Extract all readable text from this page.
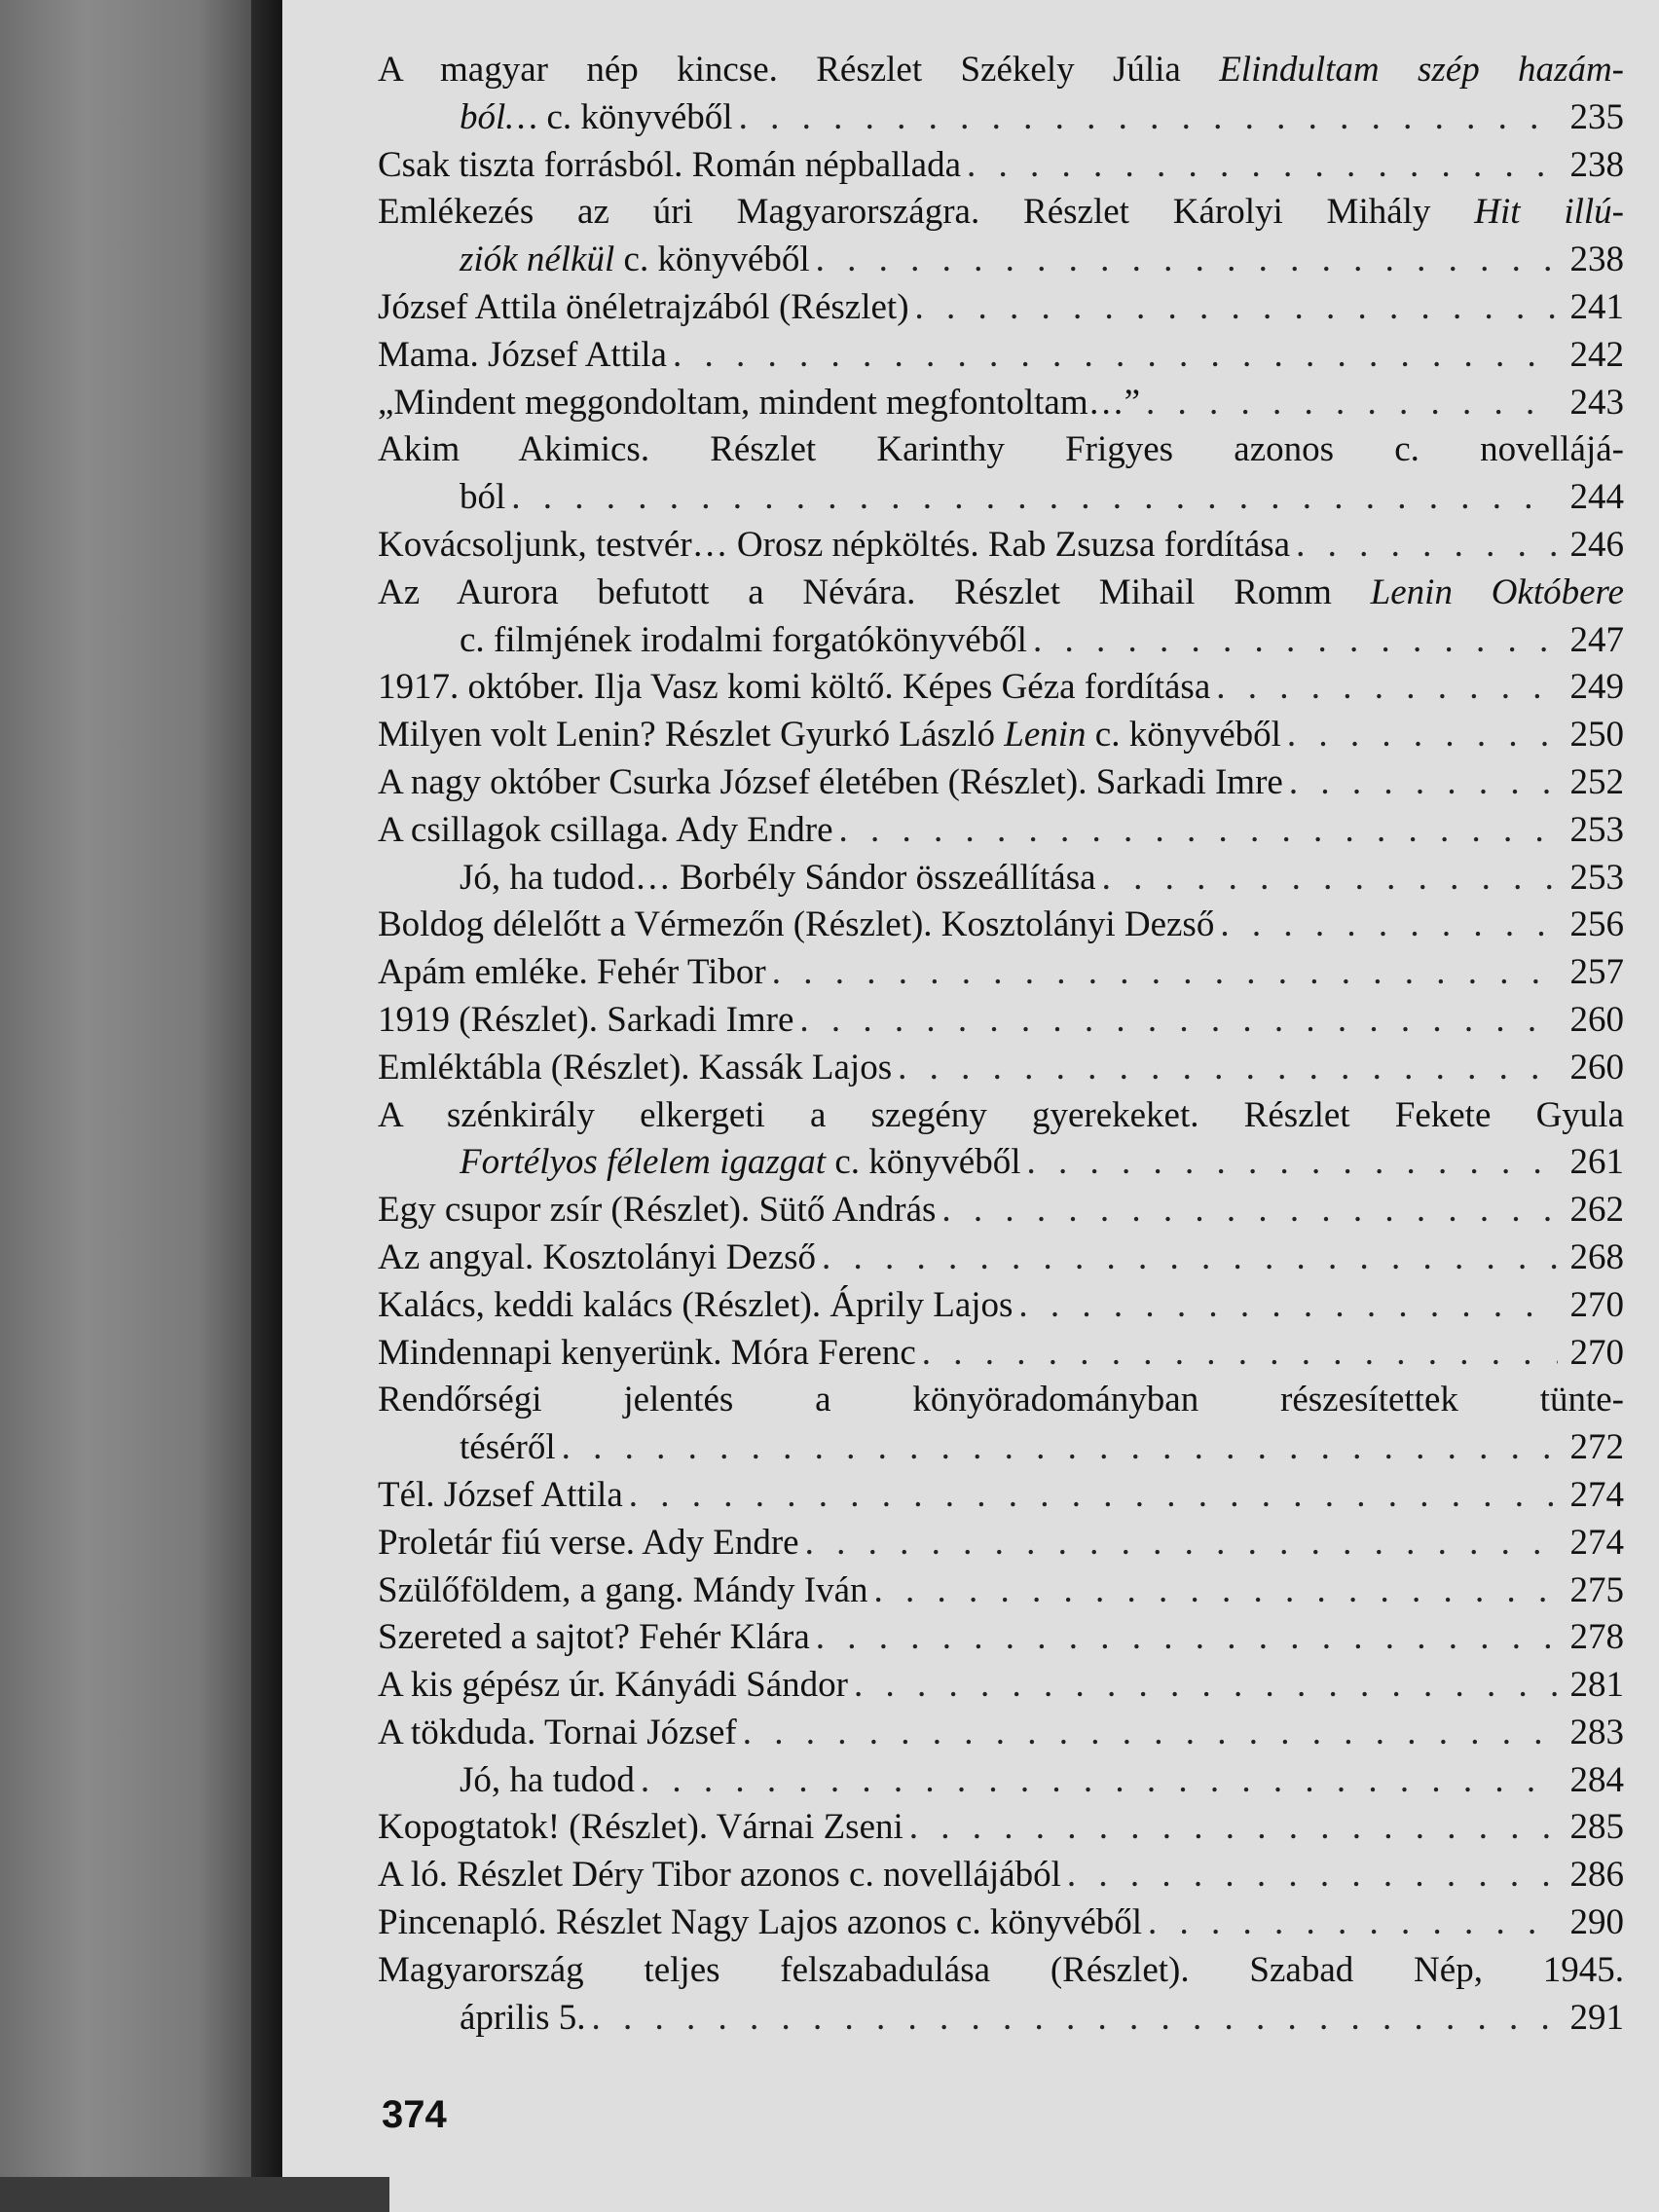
A magyar nép kincse. Részlet Székely Júlia Elindultam szép hazám-
ból… c. könyvéből . . .	235
Csak tiszta forrásból. Román népballada . . .	238
Emlékezés az úri Magyarországra. Részlet Károlyi Mihály Hit illú-
ziók nélkül c. könyvéből . . .	238
József Attila önéletrajzából (Részlet) . . .	241
Mama. József Attila . . .	242
„Mindent meggondoltam, mindent megfontoltam…” . . .	243
Akim Akimics. Részlet Karinthy Frigyes azonos c. novellájá-
ból . . .	244
Kovácsoljunk, testvér… Orosz népköltés. Rab Zsuzsa fordítása . . .	246
Az Aurora befutott a Névára. Részlet Mihail Romm Lenin Októbere
c. filmjének irodalmi forgatókönyvéből . . .	247
1917. október. Ilja Vasz komi költő. Képes Géza fordítása . . .	249
Milyen volt Lenin? Részlet Gyurkó László Lenin c. könyvéből . . .	250
A nagy október Csurka József életében (Részlet). Sarkadi Imre . . .	252
A csillagok csillaga. Ady Endre . . .	253
Jó, ha tudod… Borbély Sándor összeállítása . . .	253
Boldog délelőtt a Vérmezőn (Részlet). Kosztolányi Dezső . . .	256
Apám emléke. Fehér Tibor . . .	257
1919 (Részlet). Sarkadi Imre . . .	260
Emléktábla (Részlet). Kassák Lajos . . .	260
A szénkirály elkergeti a szegény gyerekeket. Részlet Fekete Gyula
Fortélyos félelem igazgat c. könyvéből . . .	261
Egy csupor zsír (Részlet). Sütő András . . .	262
Az angyal. Kosztolányi Dezső . . .	268
Kalács, keddi kalács (Részlet). Áprily Lajos . . .	270
Mindennapi kenyerünk. Móra Ferenc . . .	270
Rendőrségi jelentés a könyöradományban részesítettek tünte-
téséről . . .	272
Tél. József Attila . . .	274
Proletár fiú verse. Ady Endre . . .	274
Szülőföldem, a gang. Mándy Iván . . .	275
Szereted a sajtot? Fehér Klára . . .	278
A kis gépész úr. Kányádi Sándor . . .	281
A tökduda. Tornai József . . .	283
Jó, ha tudod . . .	284
Kopogtatok! (Részlet). Várnai Zseni . . .	285
A ló. Részlet Déry Tibor azonos c. novellájából . . .	286
Pincenapló. Részlet Nagy Lajos azonos c. könyvéből . . .	290
Magyarország teljes felszabadulása (Részlet). Szabad Nép, 1945.
április 5. . . .	291
374
